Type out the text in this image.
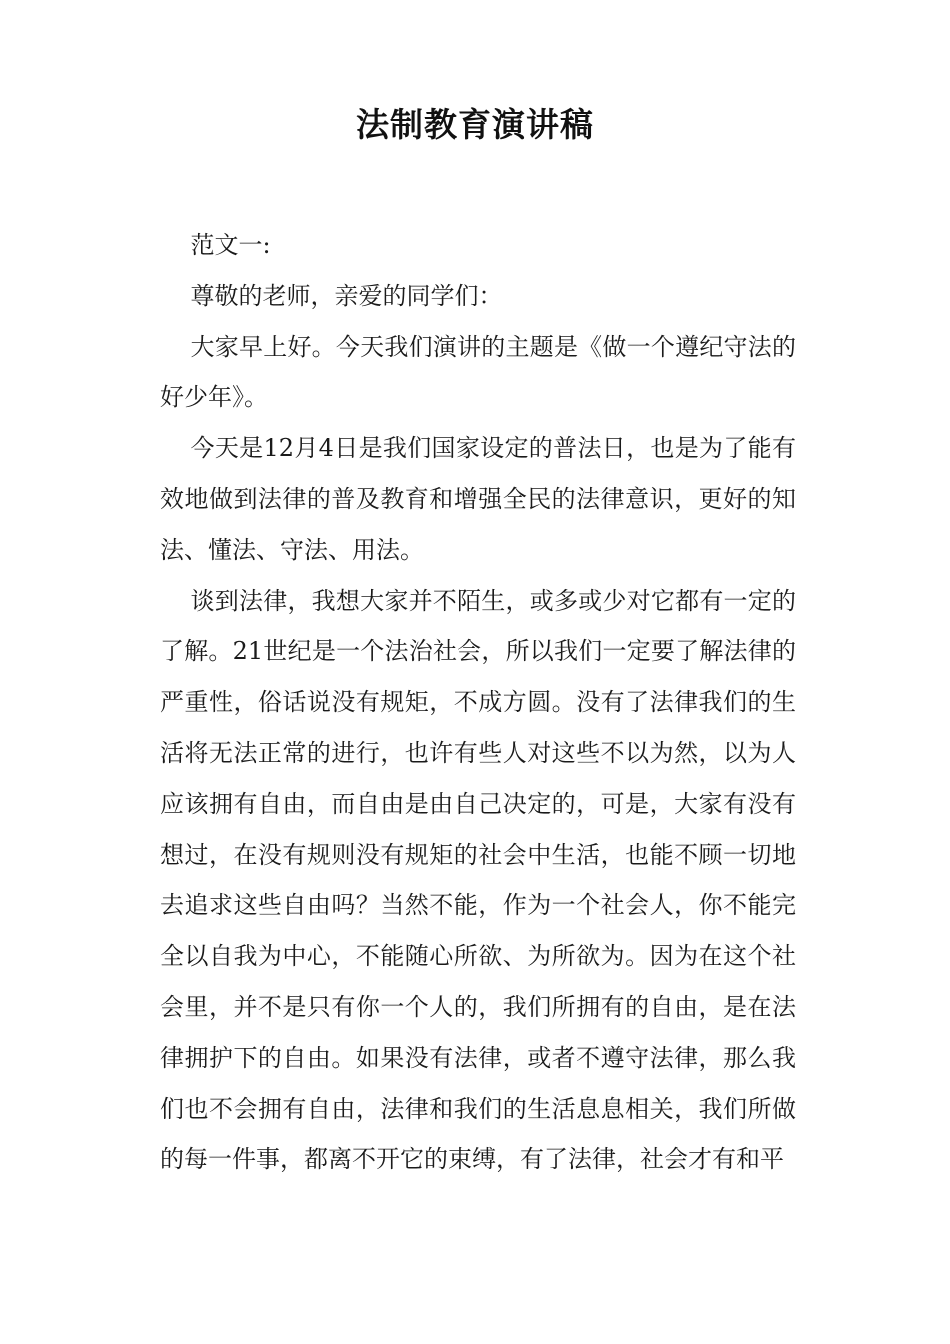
法制教育演讲稿

范文一:

尊敬的老师，亲爱的同学们：

大家早上好。今天我们演讲的主题是《做一个遵纪守法的好少年》。

今天是12月4日是我们国家设定的普法日，也是为了能有效地做到法律的普及教育和增强全民的法律意识，更好的知法、懂法、守法、用法。

谈到法律，我想大家并不陌生，或多或少对它都有一定的了解。21世纪是一个法治社会，所以我们一定要了解法律的严重性，俗话说没有规矩，不成方圆。没有了法律我们的生活将无法正常的进行，也许有些人对这些不以为然，以为人应该拥有自由，而自由是由自己决定的，可是，大家有没有想过，在没有规则没有规矩的社会中生活，也能不顾一切地去追求这些自由吗？当然不能，作为一个社会人，你不能完全以自我为中心，不能随心所欲、为所欲为。因为在这个社会里，并不是只有你一个人的，我们所拥有的自由，是在法律拥护下的自由。如果没有法律，或者不遵守法律，那么我们也不会拥有自由，法律和我们的生活息息相关，我们所做的每一件事，都离不开它的束缚，有了法律，社会才有和平
